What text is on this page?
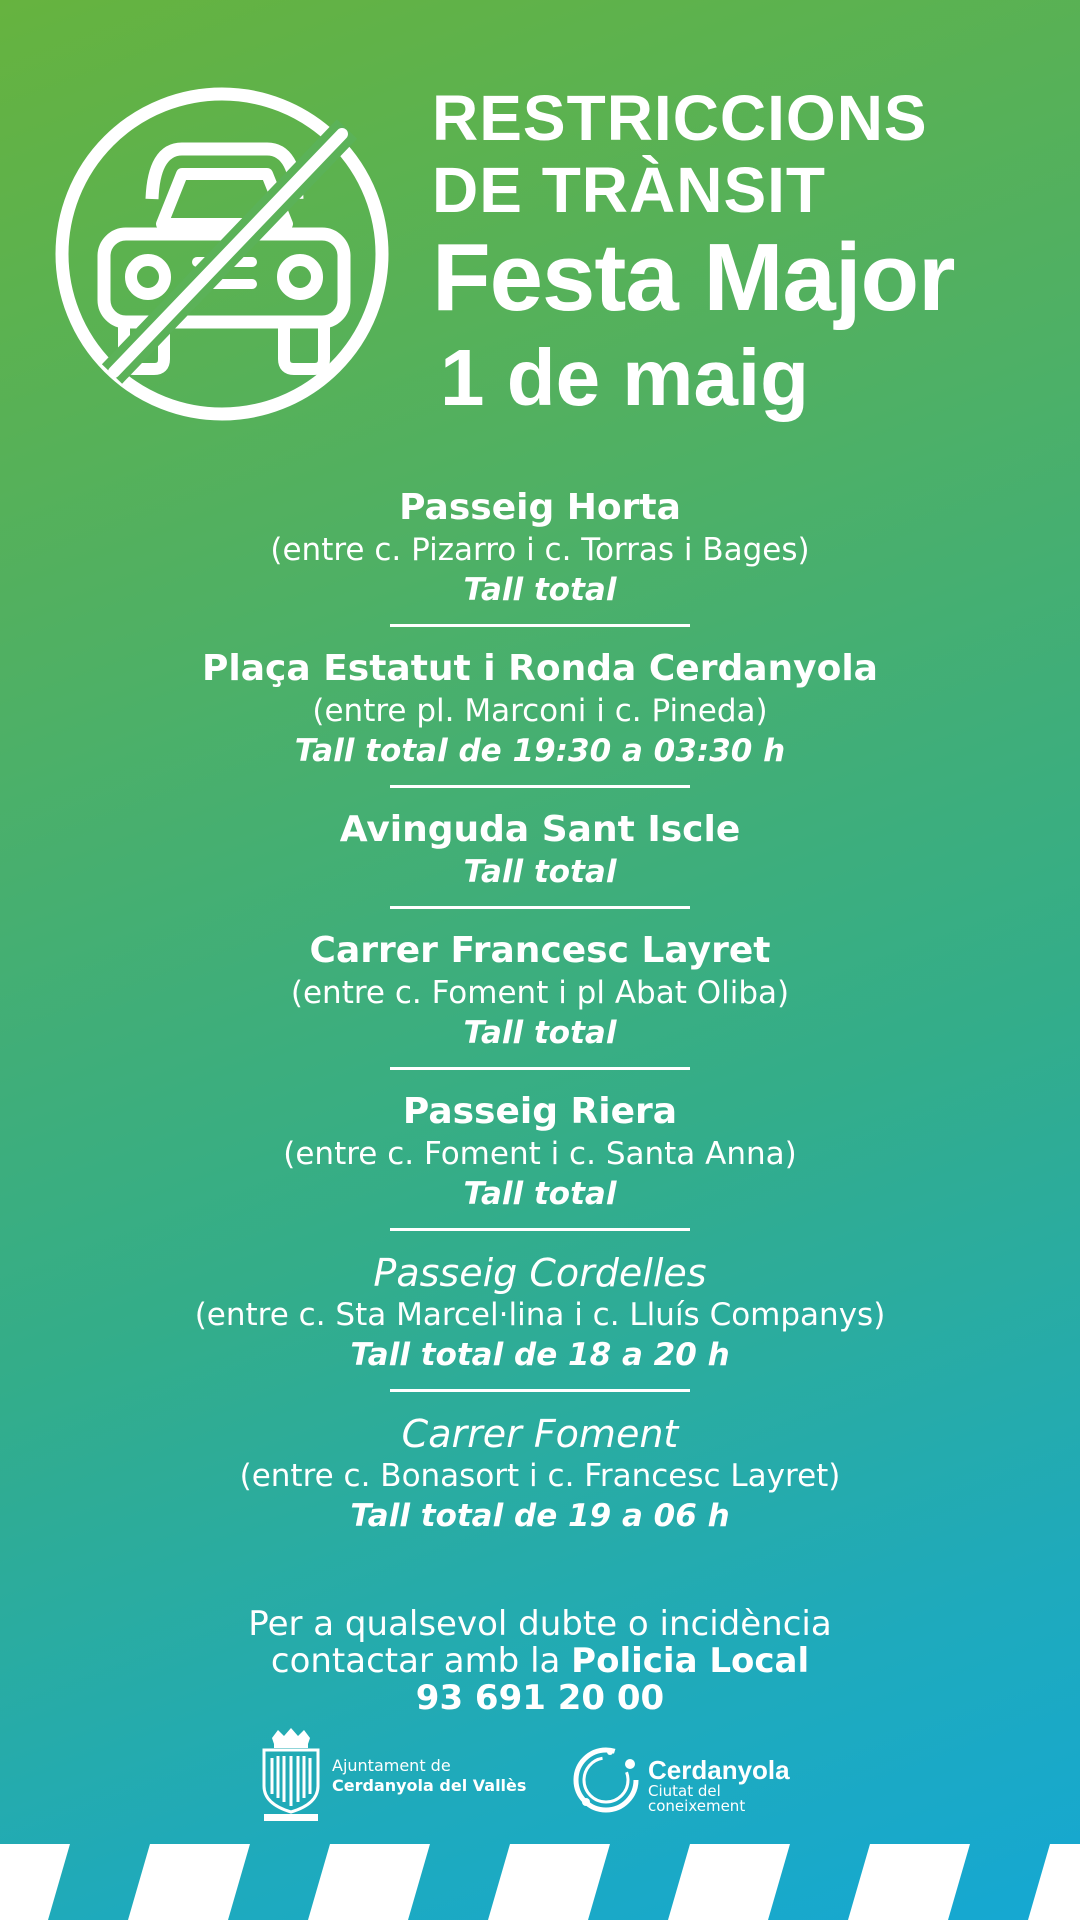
RESTRICCIONS
DE TRÀNSIT
Festa Major
1 de maig
Passeig Horta
(entre c. Pizarro i c. Torras i Bages)
Tall total
Plaça Estatut i Ronda Cerdanyola
(entre pl. Marconi i c. Pineda)
Tall total de 19:30 a 03:30 h
Avinguda Sant Iscle
Tall total
Carrer Francesc Layret
(entre c. Foment i pl Abat Oliba)
Tall total
Passeig Riera
(entre c. Foment i c. Santa Anna)
Tall total
Passeig Cordelles
(entre c. Sta Marcel·lina i c. Lluís Companys)
Tall total de 18 a 20 h
Carrer Foment
(entre c. Bonasort i c. Francesc Layret)
Tall total de 19 a 06 h
Per a qualsevol dubte o incidència
contactar amb la Policia Local
93 691 20 00
Ajuntament de
Cerdanyola del Vallès
Cerdanyola
Ciutat del
coneixement
